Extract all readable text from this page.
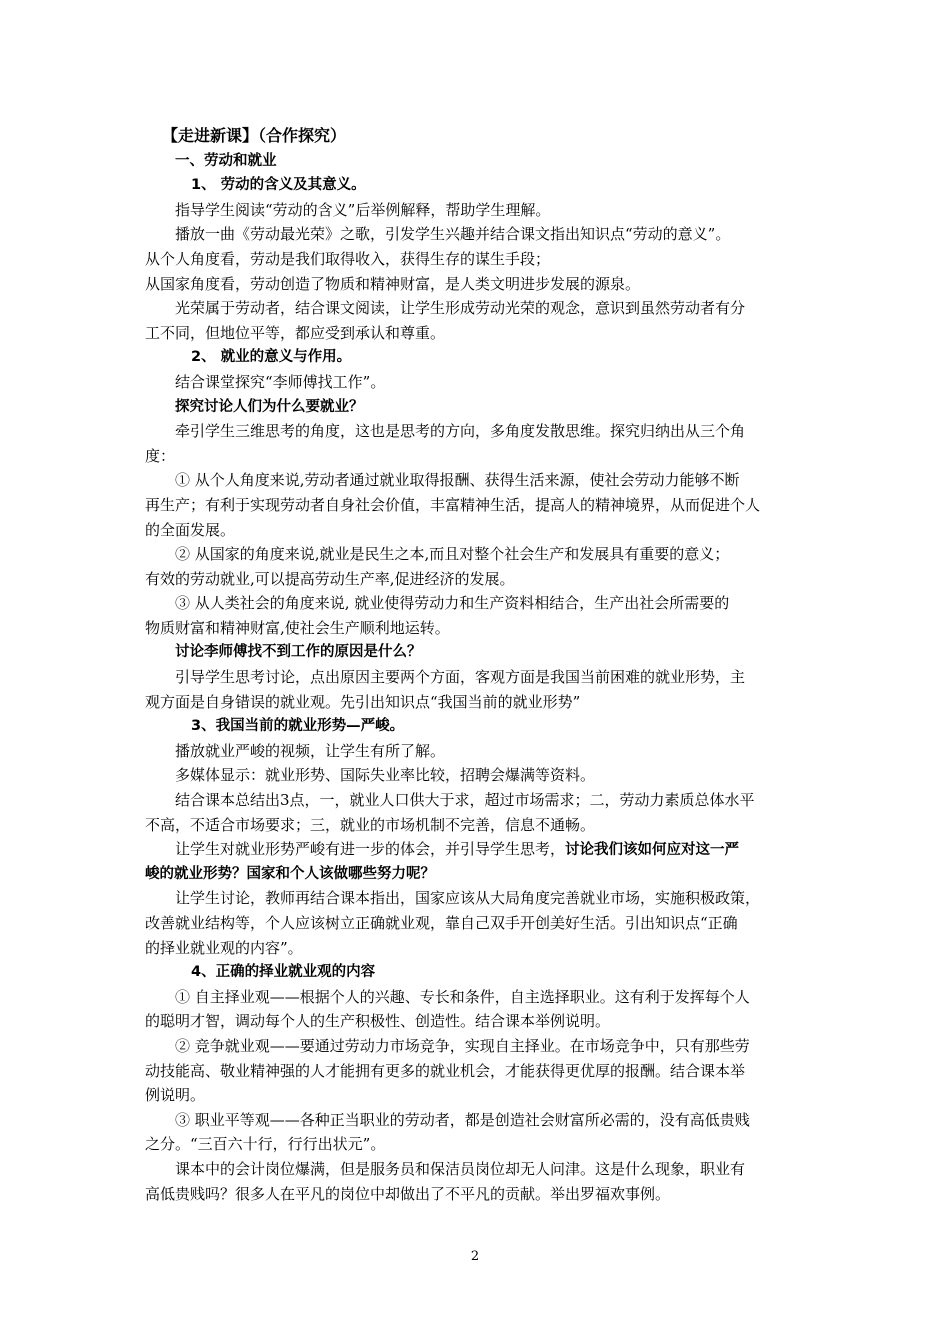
【走进新课】（合作探究）
一、劳动和就业
1、 劳动的含义及其意义。
指导学生阅读“劳动的含义”后举例解释，帮助学生理解。
播放一曲《劳动最光荣》之歌，引发学生兴趣并结合课文指出知识点“劳动的意义”。
从个人角度看，劳动是我们取得收入，获得生存的谋生手段；
从国家角度看，劳动创造了物质和精神财富，是人类文明进步发展的源泉。
光荣属于劳动者，结合课文阅读，让学生形成劳动光荣的观念，意识到虽然劳动者有分
工不同，但地位平等，都应受到承认和尊重。
2、 就业的意义与作用。
结合课堂探究“李师傅找工作”。
探究讨论人们为什么要就业？
牵引学生三维思考的角度，这也是思考的方向，多角度发散思维。探究归纳出从三个角
度：
① 从个人角度来说,劳动者通过就业取得报酬、获得生活来源，使社会劳动力能够不断
再生产；有利于实现劳动者自身社会价值，丰富精神生活，提高人的精神境界，从而促进个人
的全面发展。
② 从国家的角度来说,就业是民生之本,而且对整个社会生产和发展具有重要的意义；
有效的劳动就业,可以提高劳动生产率,促进经济的发展。
③ 从人类社会的角度来说, 就业使得劳动力和生产资料相结合，生产出社会所需要的
物质财富和精神财富,使社会生产顺利地运转。
讨论李师傅找不到工作的原因是什么？
引导学生思考讨论，点出原因主要两个方面，客观方面是我国当前困难的就业形势，主
观方面是自身错误的就业观。先引出知识点“我国当前的就业形势”
3、我国当前的就业形势—严峻。
播放就业严峻的视频，让学生有所了解。
多媒体显示：就业形势、国际失业率比较，招聘会爆满等资料。
结合课本总结出3点，一，就业人口供大于求，超过市场需求；二，劳动力素质总体水平
不高，不适合市场要求；三，就业的市场机制不完善，信息不通畅。
让学生对就业形势严峻有进一步的体会，并引导学生思考，讨论我们该如何应对这一严
峻的就业形势？国家和个人该做哪些努力呢？
让学生讨论，教师再结合课本指出，国家应该从大局角度完善就业市场，实施积极政策，
改善就业结构等，个人应该树立正确就业观，靠自己双手开创美好生活。引出知识点“正确
的择业就业观的内容”。
4、正确的择业就业观的内容
① 自主择业观——根据个人的兴趣、专长和条件，自主选择职业。这有利于发挥每个人
的聪明才智，调动每个人的生产积极性、创造性。结合课本举例说明。
② 竞争就业观——要通过劳动力市场竞争，实现自主择业。在市场竞争中，只有那些劳
动技能高、敬业精神强的人才能拥有更多的就业机会，才能获得更优厚的报酬。结合课本举
例说明。
③ 职业平等观——各种正当职业的劳动者，都是创造社会财富所必需的，没有高低贵贱
之分。“三百六十行，行行出状元”。
课本中的会计岗位爆满，但是服务员和保洁员岗位却无人问津。这是什么现象，职业有
高低贵贱吗？很多人在平凡的岗位中却做出了不平凡的贡献。举出罗福欢事例。
2
